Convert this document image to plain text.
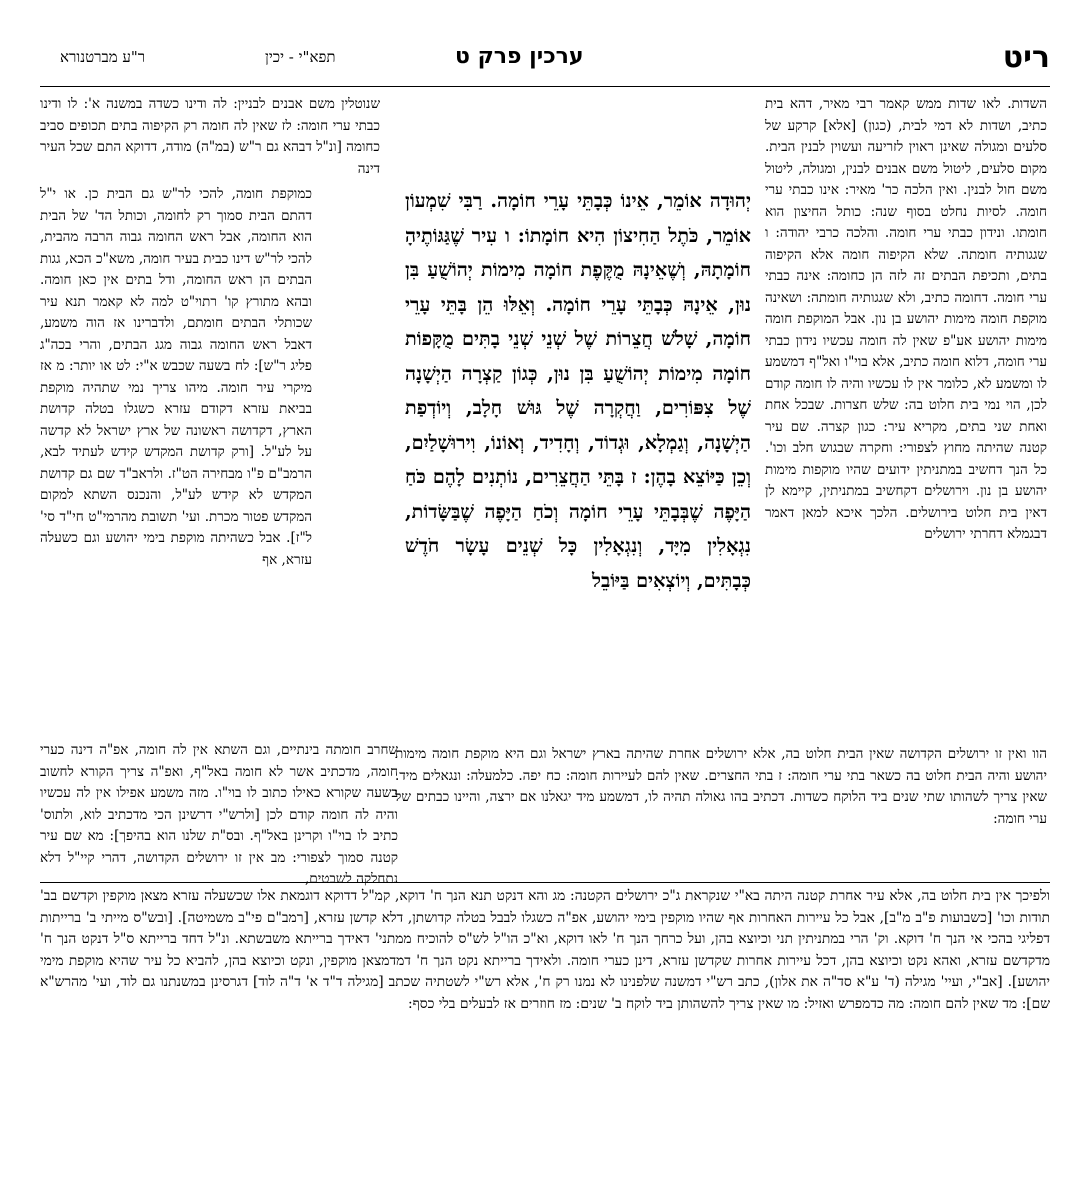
ריט
תפא"י - יכין	ערכין פרק ט
ר"ע מברטנורא

השדות. לאו שדות ממש קאמר רבי מאיר, דהא בית כתיב, ושדות לא דמי לבית, (כגון) [אלא] קרקע של סלעים ומגולה שאינן ראוין לזריעה ועשוין לבנין הבית. מקום סלעים, ליטול משם אבנים לבנין, ומגולה, ליטול משם חול לבנין. ואין הלכה כר' מאיר: אינו כבתי ערי חומה. לסיות נחלט בסוף שנה: כותל החיצון הוא חומתו. ונידון כבתי ערי חומה. והלכה כרבי יהודה: ו שגגותיה חומתה. שלא הקיפוה חומה אלא הקיפוה בתים, ותכיפת הבתים זה לזה הן כחומה: אינה כבתי ערי חומה. דחומה כתיב, ולא שגגותיה חומתה: ושאינה מוקפת חומה מימות יהושע בן נון. אבל המוקפת חומה מימות יהושע אע"פ שאין לה חומה עכשיו נידון כבתי ערי חומה, דלוא חומה כתיב, אלא בוי"ו ואל"ף דמשמע לו ומשמע לא, כלומר אין לו עכשיו והיה לו חומה קודם לכן, הוי נמי בית חלוט בה: שלש חצרות. שבכל אחת ואחת שני בתים, מקריא עיר: כגון קצרה. שם עיר קטנה שהיתה מחוץ לצפורי: וחקרה שבגוש חלב וכו'. כל הנך דחשיב במתניתין ידועים שהיו מוקפות מימות יהושע בן נון. וירושלים דקחשיב במתניתין, קיימא לן דאין בית חלוט בירושלים. הלכך איכא למאן דאמר דבגמלא דחרתי ירושלים

יְהוּדָה אוֹמֵר, אֵינוֹ כְּבָתֵּי עָרֵי חוֹמָה. רַבִּי שִׁמְעוֹן אוֹמֵר, כֹּתֶל הַחִיצוֹן הִיא חוֹמָתוֹ: ו עִיר שֶׁגַּגּוֹתֶיהָ חוֹמָתָהּ, וְשֶׁאֵינָהּ מֻקֶּפֶת חוֹמָה מִימוֹת יְהוֹשֻׁעַ בִּן נוּן, אֵינָהּ כְּבָתֵּי עָרֵי חוֹמָה. וְאֵלּוּ הֵן בָּתֵּי עָרֵי חוֹמָה, שָׁלֹשׁ חֲצֵרוֹת שֶׁל שְׁנֵי שְׁנֵי בָתִּים מֻקָּפוֹת חוֹמָה מִימוֹת יְהוֹשֻׁעַ בִּן נוּן, כְּגוֹן קַצְרָה הַיְשָׁנָה שֶׁל צִפּוֹרִים, וַחֲקְרָה שֶׁל גּוּשׁ חָלָב, וְיוֹדְפַת הַיְשָׁנָה, וְגַמְלָא, וּגְדוֹד, וְחָדִיד, וְאוֹנוֹ, וִירוּשָׁלַיִם, וְכֵן כַּיּוֹצֵא בָהֶן: ז בָּתֵּי הַחֲצֵרִים, נוֹתְנִים לָהֶם כֹּחַ הַיָּפֶה שֶׁבְּבָתֵּי עָרֵי חוֹמָה וְכֹחַ הַיָּפֶה שֶׁבַּשָּׂדוֹת, נִגְאָלִין מִיָּד, וְנִגְאָלִין כָּל שְׁנֵים עָשָׂר חֹדֶשׁ כְּבָתִּים, וְיוֹצְאִים בַּיּוֹבֵל

שנוטלין משם אבנים לבניין: לה ודינו כשדה במשנה א': לו ודינו כבתי ערי חומה: לז שאין לה חומה רק הקיפוה בתים תכופים סביב כחומה [ונ"ל דבהא גם ר"ש (במ"ה) מודה, דדוקא התם שכל העיר דינה

כמוקפת חומה, להכי לר"ש גם הבית כן. או י"ל דהתם הבית סמוך רק לחומה, וכותל הד' של הבית הוא החומה, אבל ראש החומה גבוה הרבה מהבית, להכי לר"ש דינו כבית בעיר חומה, משא"כ הכא, גגות הבתים הן ראש החומה, ודל בתים אין כאן חומה. ובהא מתורץ קו' רתוי"ט למה לא קאמר תנא עיר שכותלי הבתים חומתם, ולדברינו אז הוה משמע, דאבל ראש החומה גבוה מגג הבתים, והרי בכה"ג פליג ר"ש]: לח בשעה שכבש א"י: לט או יותר: מ אז מיקרי עיר חומה. מיהו צריך נמי שתהיה מוקפת בביאת עזרא דקודם עזרא כשגלו בטלה קדושת הארץ, דקדושה ראשונה של ארץ ישראל לא קדשה על לע"ל. [ורק קדושת המקדש קידש לעתיד לבא, הרמב"ם פ"ו מבחירה הט"ז. ולראב"ד שם גם קדושת המקדש לא קידש לע"ל, והנכנס השתא למקום המקדש פטור מכרת. ועי' תשובת מהרמי"ט חי"ד סי' ל"ז]. אבל כשהיתה מוקפת בימי יהושע וגם כשעלה עזרא, אף

הוו ואין זו ירושלים הקדושה שאין הבית חלוט בה, אלא ירושלים אחרת שהיתה בארץ ישראל וגם היא מוקפת חומה מימות יהושע והיה הבית חלוט בה כשאר בתי ערי חומה: ז בתי החצרים. שאין להם לעיירות חומה: כח יפה. כלמעלה: ונגאלים מיד. שאין צריך לשהותו שתי שנים ביד הלוקח כשדות. דכתיב בהו גאולה תהיה לו, דמשמע מיד יגאלנו אם ירצה, והיינו כבתים של ערי חומה:

שחרב חומתה בינתיים, וגם השתא אין לה חומה, אפ"ה דינה כערי חומה, מדכתיב אשר לא חומה באל"ף, ואפ"ה צריך הקורא לחשוב בשעה שקורא כאילו כתוב לו בוי"ו. מזה משמע אפילו אין לה עכשיו והיה לה חומה קודם לכן [ולרש"י דרשינן הכי מדכתיב לוא, ולתוס' כתיב לו בוי"ו וקרינן באל"ף. ובס"ת שלנו הוא בהיפך]: מא שם עיר קטנה סמוך לצפורי: מב אין זו ירושלים הקדושה, דהרי קיי"ל דלא נתחלקה לשבטים,

ולפיכך אין בית חלוט בה, אלא עיר אחרת קטנה היתה בא"י שנקראת ג"כ ירושלים הקטנה: מג והא דנקט תנא הנך ח' דוקא, קמ"ל דדוקא דוגמאת אלו שכשעלה עזרא מצאן מוקפין וקדשם בב' תודות וכו' [כשבועות פ"ב מ"ב], אבל כל עיירות האחרות אף שהיו מוקפין בימי יהושע, אפ"ה כשגלו לבבל בטלה קדושתן, דלא קדשן עזרא, [רמב"ם פי"ב משמיטה]. [ובש"ס מייתי ב' ברייתות דפליגי בהכי אי הנך ח' דוקא. וק' הרי במתניתין תני וכיוצא בהן, ועל כרחך הנך ח' לאו דוקא, וא"כ הו"ל לש"ס להוכיח ממתני' דאידך ברייתא משבשתא. ונ"ל דחד ברייתא ס"ל דנקט הנך ח' מדקדשם עזרא, ואהא נקט וכיוצא בהן, דכל עיירות אחרות שקדשן עזרא, דינן כערי חומה. ולאידך ברייתא נקט הנך ח' דמדמצאן מוקפין, ונקט וכיוצא בהן, להביא כל עיר שהיא מוקפת מימי יהושע]. [אב"י, ועיי' מגילה (ד' ע"א סד"ה את אלון), כתב רש"י דמשנה שלפנינו לא נמנו רק ח', אלא רש"י לשטתיה שכתב [מגילה ד"ד א' ד"ה לוד] דגרסינן במשנתנו גם לוד, ועי' מהרש"א שם]: מד שאין להם חומה: מה כדמפרש ואזיל: מו שאין צריך להשהותן ביד לוקח ב' שנים: מז חוזרים אז לבעלים בלי כסף:
